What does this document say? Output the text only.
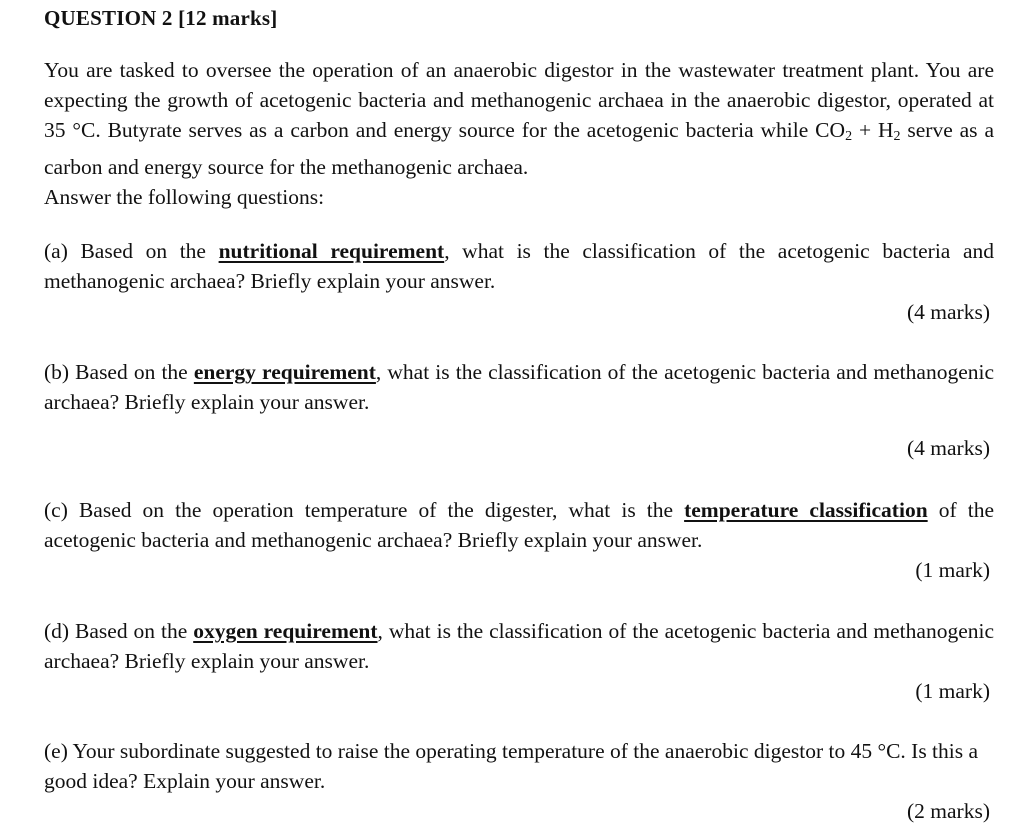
QUESTION 2 [12 marks]
You are tasked to oversee the operation of an anaerobic digestor in the wastewater treatment plant. You are expecting the growth of acetogenic bacteria and methanogenic archaea in the anaerobic digestor, operated at 35 °C. Butyrate serves as a carbon and energy source for the acetogenic bacteria while $CO_2 + H_2$ serve as a carbon and energy source for the methanogenic archaea.
Answer the following questions:
(a) Based on the nutritional requirement, what is the classification of the acetogenic bacteria and methanogenic archaea? Briefly explain your answer.
(4 marks)
(b) Based on the energy requirement, what is the classification of the acetogenic bacteria and methanogenic archaea? Briefly explain your answer.
(4 marks)
(c) Based on the operation temperature of the digester, what is the temperature classification of the acetogenic bacteria and methanogenic archaea? Briefly explain your answer.
(1 mark)
(d) Based on the oxygen requirement, what is the classification of the acetogenic bacteria and methanogenic archaea? Briefly explain your answer.
(1 mark)
(e) Your subordinate suggested to raise the operating temperature of the anaerobic digestor to 45 °C. Is this a good idea? Explain your answer.
(2 marks)
